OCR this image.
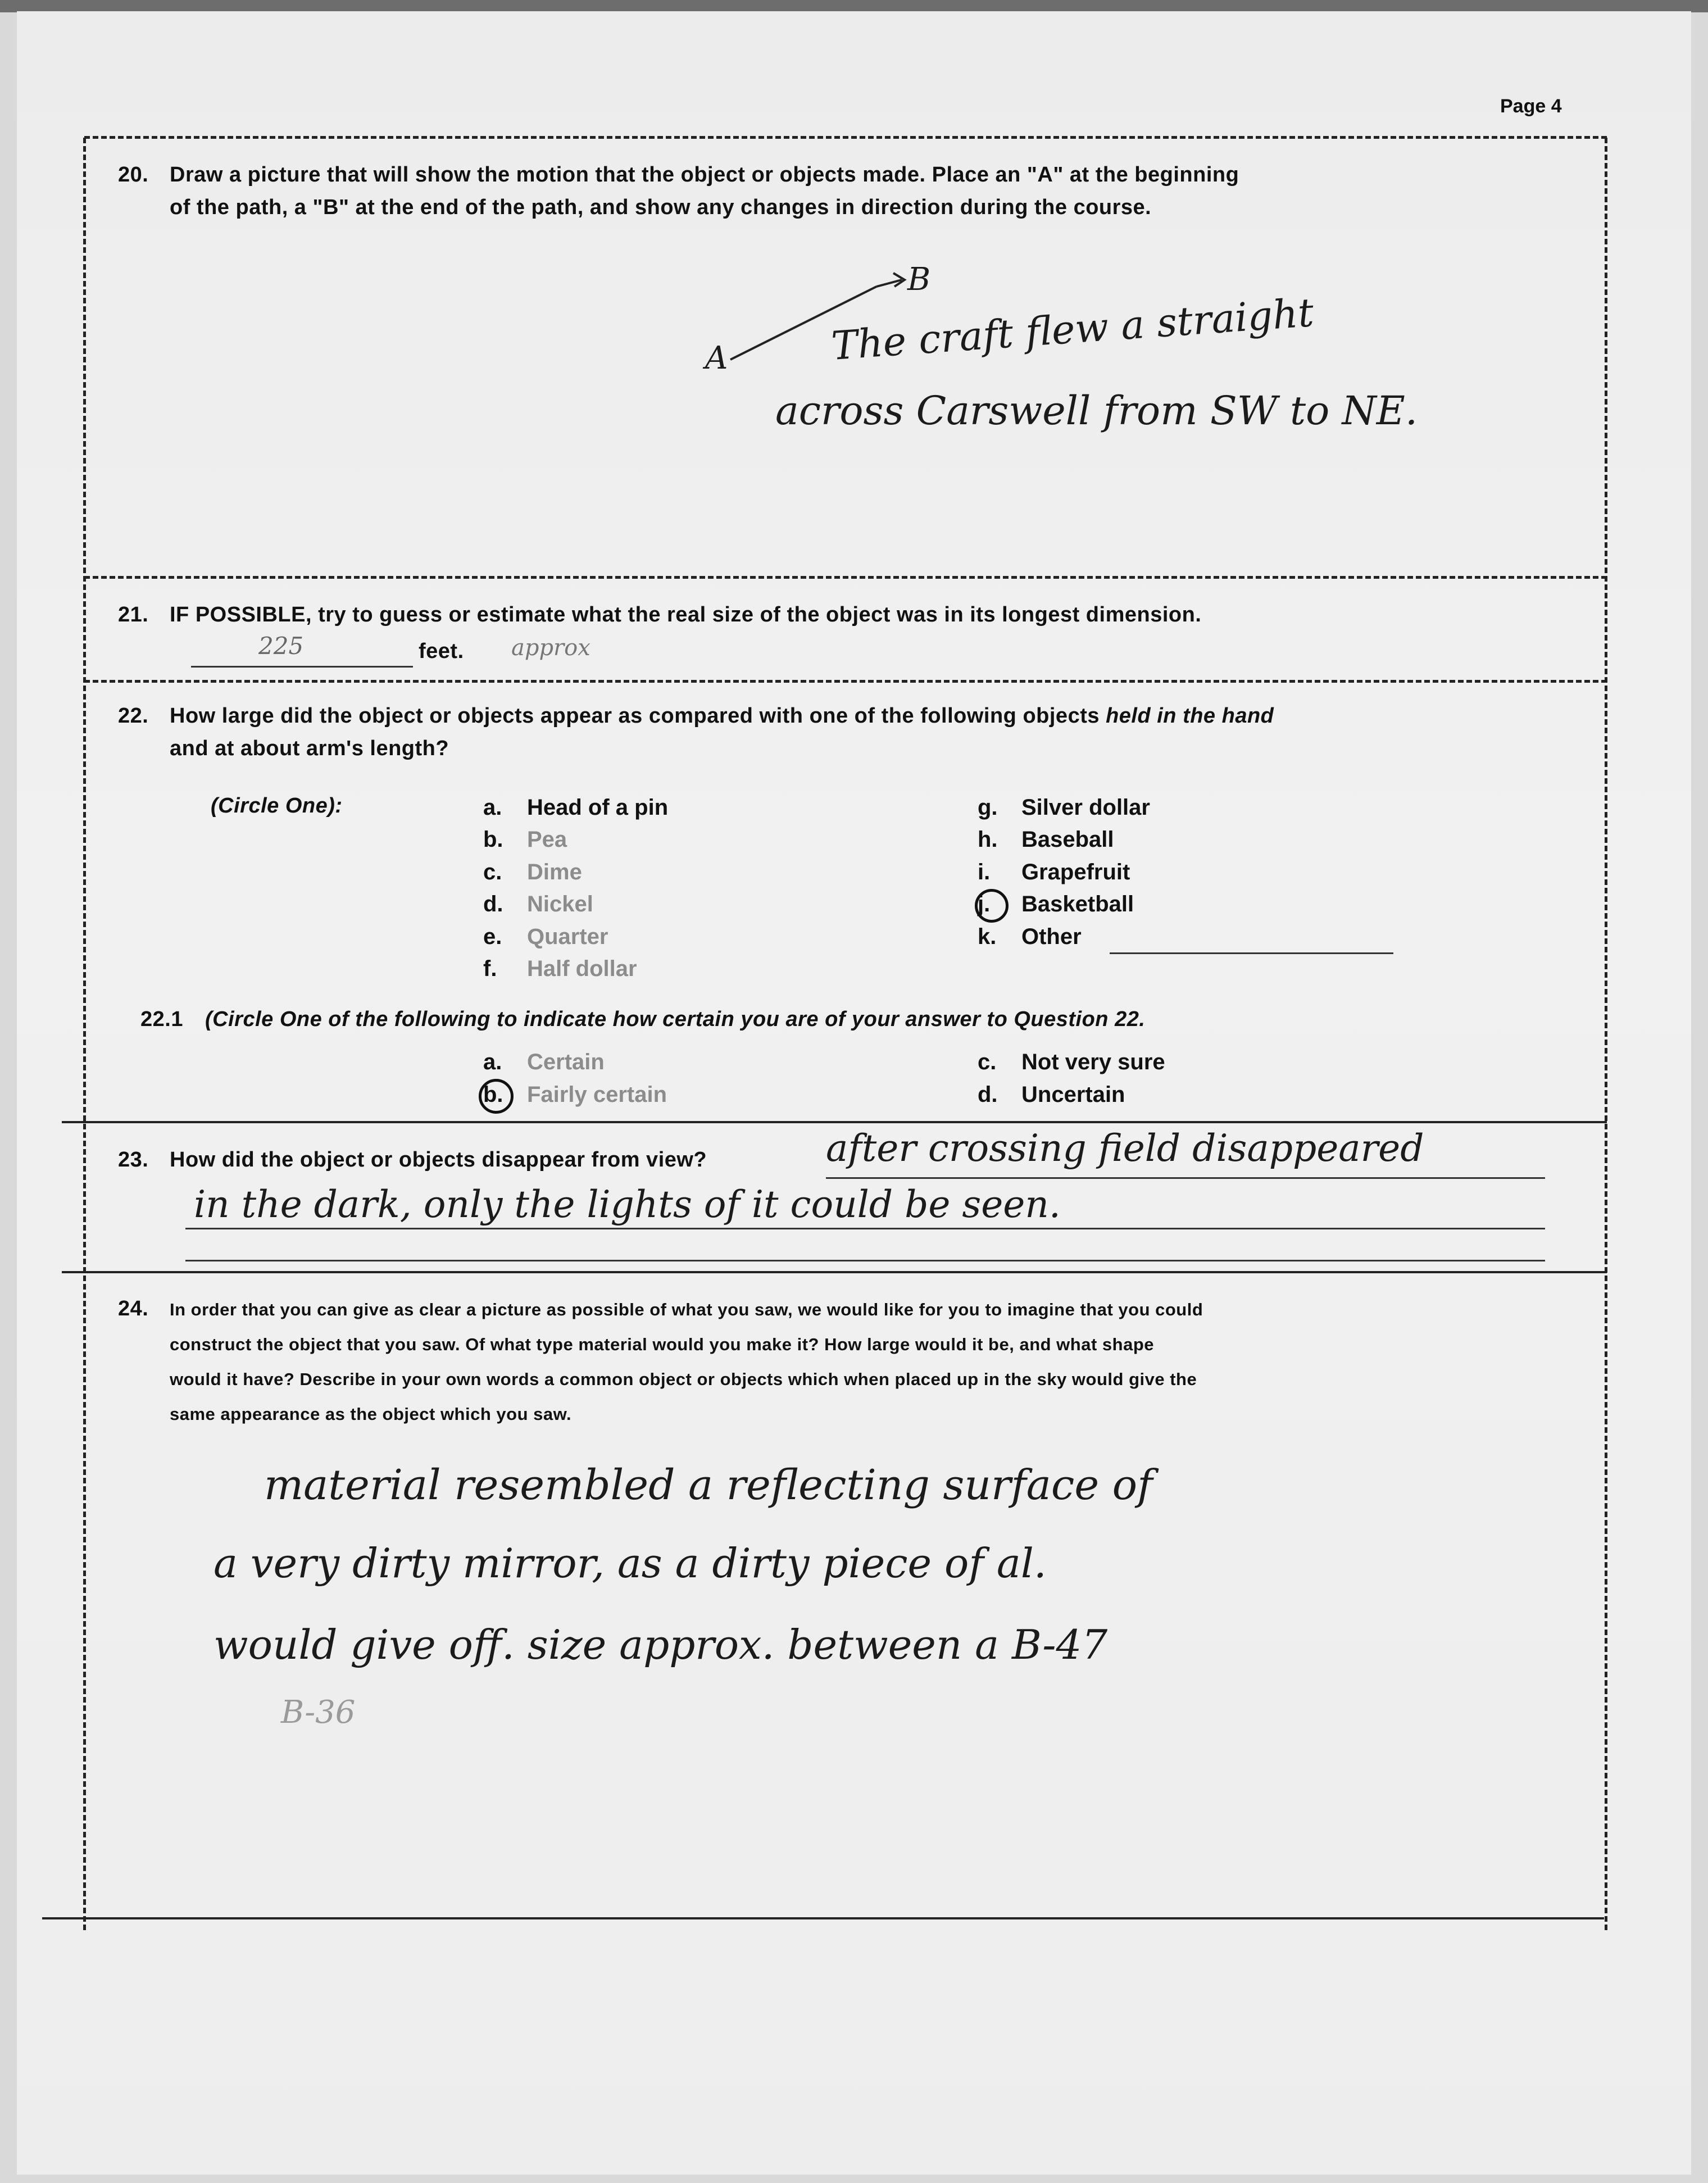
Page 4
20. Draw a picture that will show the motion that the object or objects made. Place an "A" at the beginning
of the path, a "B" at the end of the path, and show any changes in direction during the course.
A
B
The craft flew a straight
across Carswell from SW to NE.
21. IF POSSIBLE, try to guess or estimate what the real size of the object was in its longest dimension.
225	feet. approx
22. How large did the object or objects appear as compared with one of the following objects held in the hand
and at about arm's length?
(Circle One):	a. Head of a pin
b. Pea
c. Dime
d. Nickel
e. Quarter
f. Half dollar
g. Silver dollar
h. Baseball
i. Grapefruit
j. Basketball
k. Other
22.1 (Circle One of the following to indicate how certain you are of your answer to Question 22.
a. Certain
b. Fairly certain
c. Not very sure
d. Uncertain
23. How did the object or objects disappear from view?	after crossing field disappeared
in the dark, only the lights of it could be seen.
24. In order that you can give as clear a picture as possible of what you saw, we would like for you to imagine that you could
construct the object that you saw. Of what type material would you make it? How large would it be, and what shape
would it have? Describe in your own words a common object or objects which when placed up in the sky would give the
same appearance as the object which you saw.
material resembled a reflecting surface of
a very dirty mirror, as a dirty piece of al.
would give off. size approx. between a B-47
B-36
